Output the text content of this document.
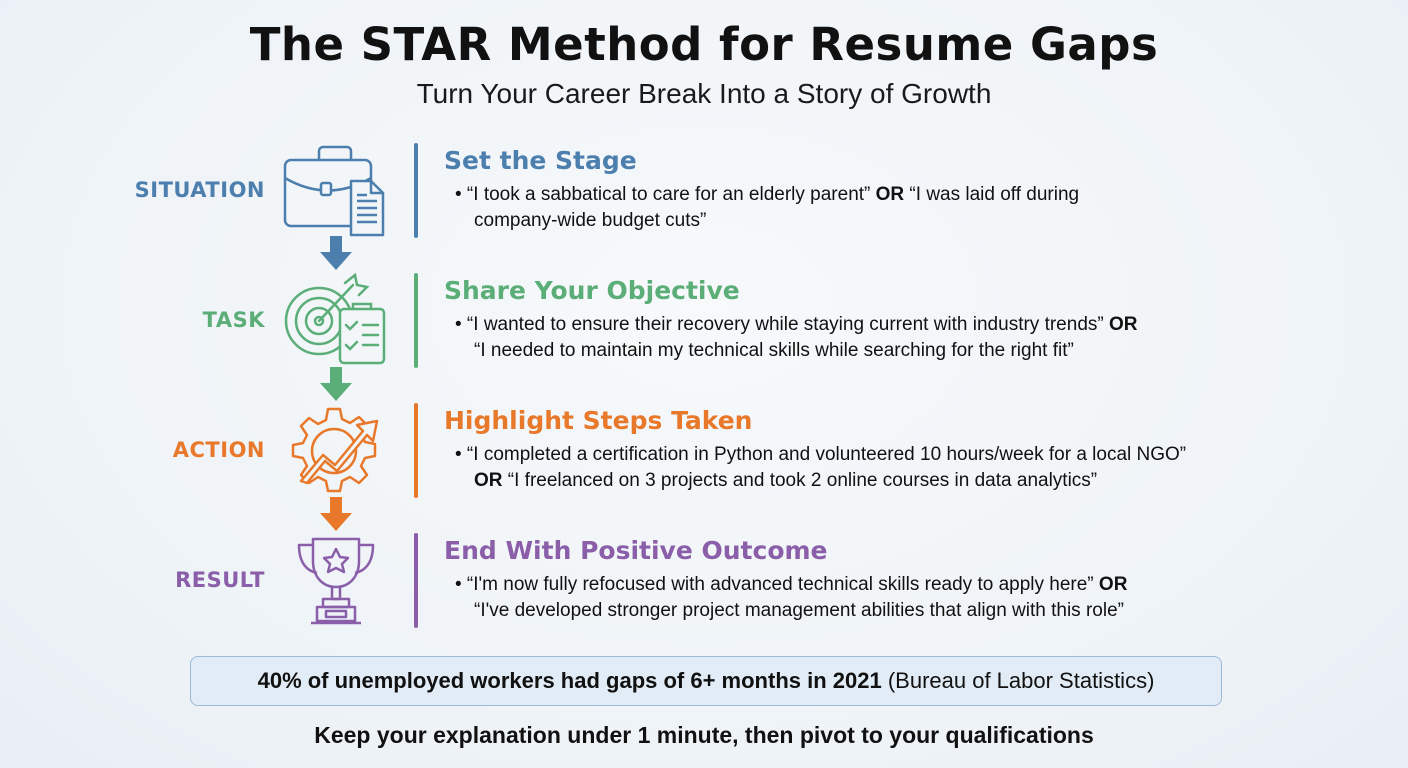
The STAR Method for Resume Gaps
Turn Your Career Break Into a Story of Growth
SITUATION
Set the Stage
• “I took a sabbatical to care for an elderly parent” OR “I was laid off during
company-wide budget cuts”
TASK
Share Your Objective
• “I wanted to ensure their recovery while staying current with industry trends” OR
“I needed to maintain my technical skills while searching for the right fit”
ACTION
Highlight Steps Taken
• “I completed a certification in Python and volunteered 10 hours/week for a local NGO”
OR “I freelanced on 3 projects and took 2 online courses in data analytics”
RESULT
End With Positive Outcome
• “I'm now fully refocused with advanced technical skills ready to apply here” OR
“I've developed stronger project management abilities that align with this role”
40% of unemployed workers had gaps of 6+ months in 2021 (Bureau of Labor Statistics)
Keep your explanation under 1 minute, then pivot to your qualifications
